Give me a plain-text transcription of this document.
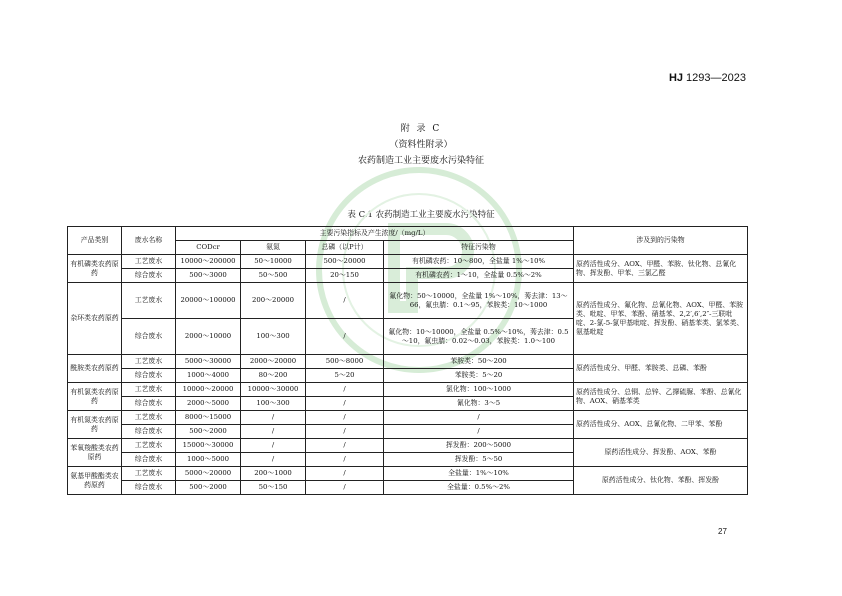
HJ 1293—2023
附 录 C
（资料性附录）
农药制造工业主要废水污染特征
表 C.1 农药制造工业主要废水污染特征
产品类别	废水名称	主要污染指标及产生浓度/（mg/L）				涉及到的污染物
		CODcr	氨氮	总磷（以P计）	特征污染物	
有机磷类农药原药	工艺废水	10000～200000	50～10000	500～20000	有机磷农药：10～800，全盐量 1%～10%	原药活性成分、AOX、甲醛、苯胺、钛化物、总氰化物、挥发酚、甲苯、三氯乙醛
	综合废水	500～3000	50～500	20～150	有机磷农药：1～10，全盐量 0.5%～2%	
杂环类农药原药	工艺废水	20000～100000	200～20000	/	氟化物：50～10000，全盐量 1%～10%，莠去津：13～66，氟虫腈：0.1～95，苯胺类：10～1000	原药活性成分、氟化物、总氰化物、AOX、甲醛、苯胺类、吡啶、甲苯、苯酚、硝基苯、2,2′,6′,2″-三联吡啶、2-氯-5-氯甲基吡啶、挥发酚、硝基苯类、氯苯类、氨基吡啶
	综合废水	2000～10000	100～300	/	氟化物：10～10000，全盐量 0.5%～10%，莠去津：0.5～10，氟虫腈：0.02～0.03，苯胺类：1.0～100	
酰胺类农药原药	工艺废水	5000～30000	2000～20000	500～8000	苯胺类：50～200	原药活性成分、甲醛、苯胺类、总磷、苯酚
	综合废水	1000～4000	80～200	5～20	苯胺类：5～20	
有机氯类农药原药	工艺废水	10000～20000	10000～30000	/	氯化物：100～1000	原药活性成分、总铜、总锌、乙撑硫脲、苯酚、总氰化物、AOX、硝基苯类
	综合废水	2000～5000	100～300	/	氰化物：3～5	
有机氮类农药原药	工艺废水	8000～15000	/	/	/	原药活性成分、AOX、总氰化物、二甲苯、苯酚
	综合废水	500～2000	/	/	/	
苯氧羧酸类农药原药	工艺废水	15000～30000	/	/	挥发酚：200～5000	原药活性成分、挥发酚、AOX、苯酚
	综合废水	1000～5000	/	/	挥发酚：5～50	
氨基甲酸酯类农药原药	工艺废水	5000～20000	200～1000	/	全盐量：1%～10%	原药活性成分、钛化物、苯酚、挥发酚
	综合废水	500～2000	50～150	/	全盐量：0.5%～2%	
27
